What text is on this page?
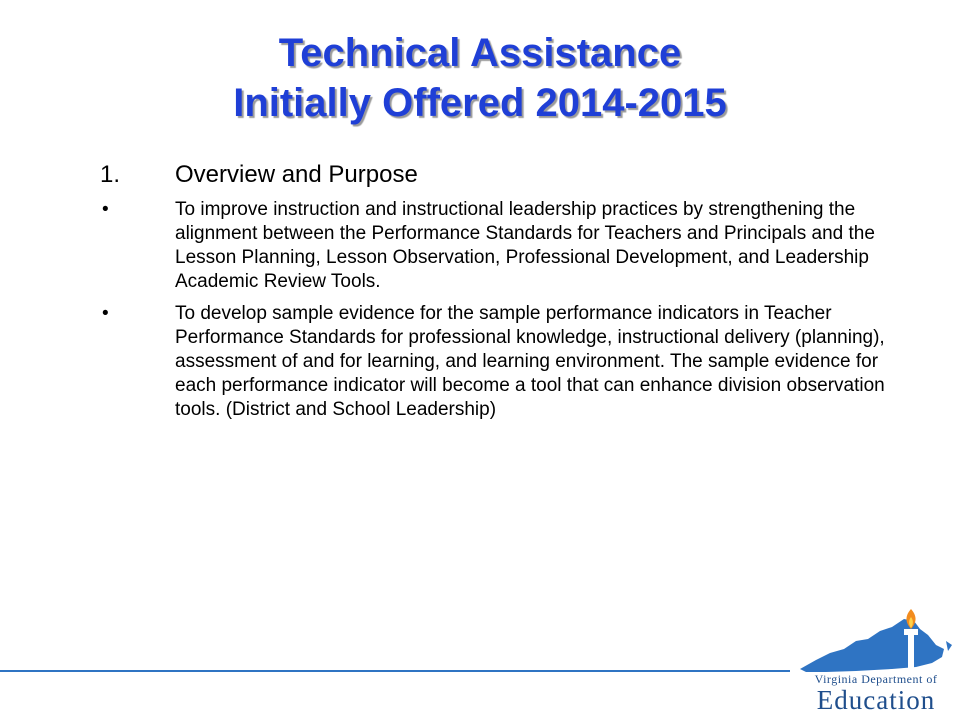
Technical Assistance
Initially Offered 2014-2015
1.	Overview and Purpose
•	To improve instruction and instructional leadership practices by strengthening the alignment between the Performance Standards for Teachers and Principals and the Lesson Planning, Lesson Observation, Professional Development, and Leadership Academic Review Tools.
•	To develop sample evidence for the sample performance indicators in Teacher Performance Standards for professional knowledge, instructional delivery (planning), assessment of and for learning, and learning environment. The sample evidence for each performance indicator will become a tool that can enhance division observation tools. (District and School Leadership)
Virginia Department of
Education
